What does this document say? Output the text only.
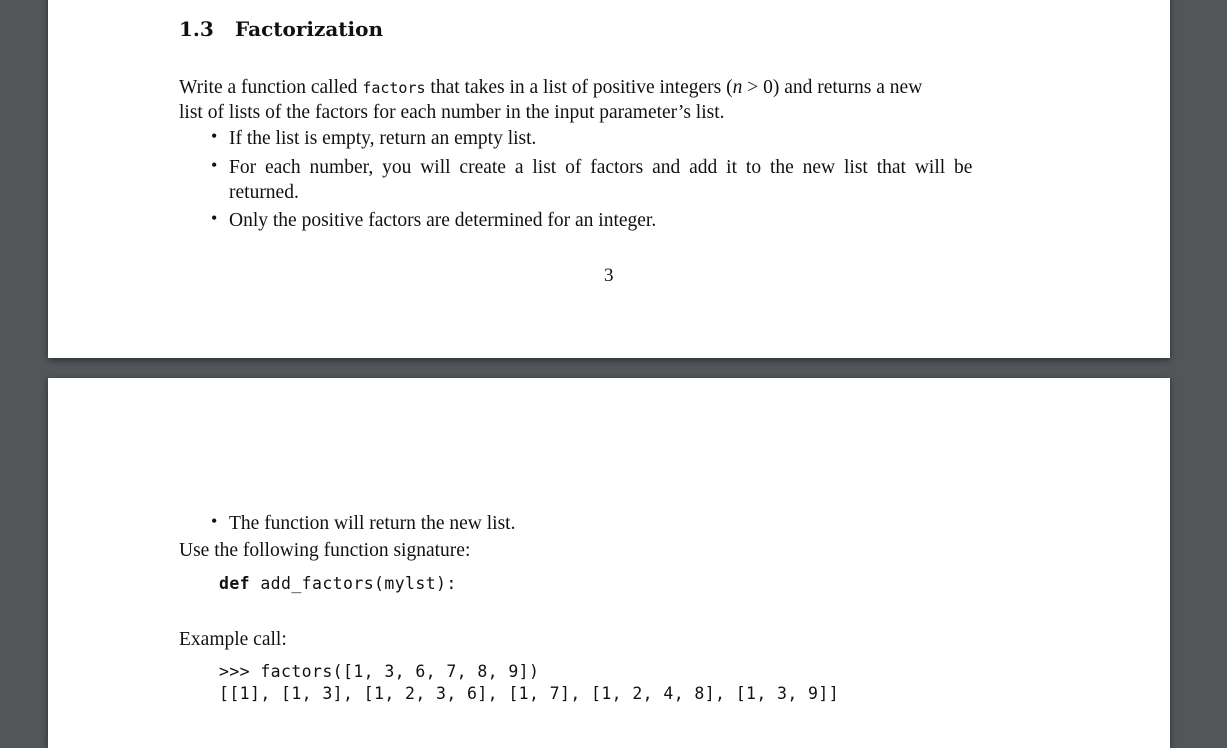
1.3 Factorization
Write a function called factors that takes in a list of positive integers (n > 0) and returns a new
list of lists of the factors for each number in the input parameter’s list.
• If the list is empty, return an empty list.
• For each number, you will create a list of factors and add it to the new list that will be
returned.
• Only the positive factors are determined for an integer.
3
• The function will return the new list.
Use the following function signature:
def add_factors(mylst):
Example call:
>>> factors([1, 3, 6, 7, 8, 9])
[[1], [1, 3], [1, 2, 3, 6], [1, 7], [1, 2, 4, 8], [1, 3, 9]]
